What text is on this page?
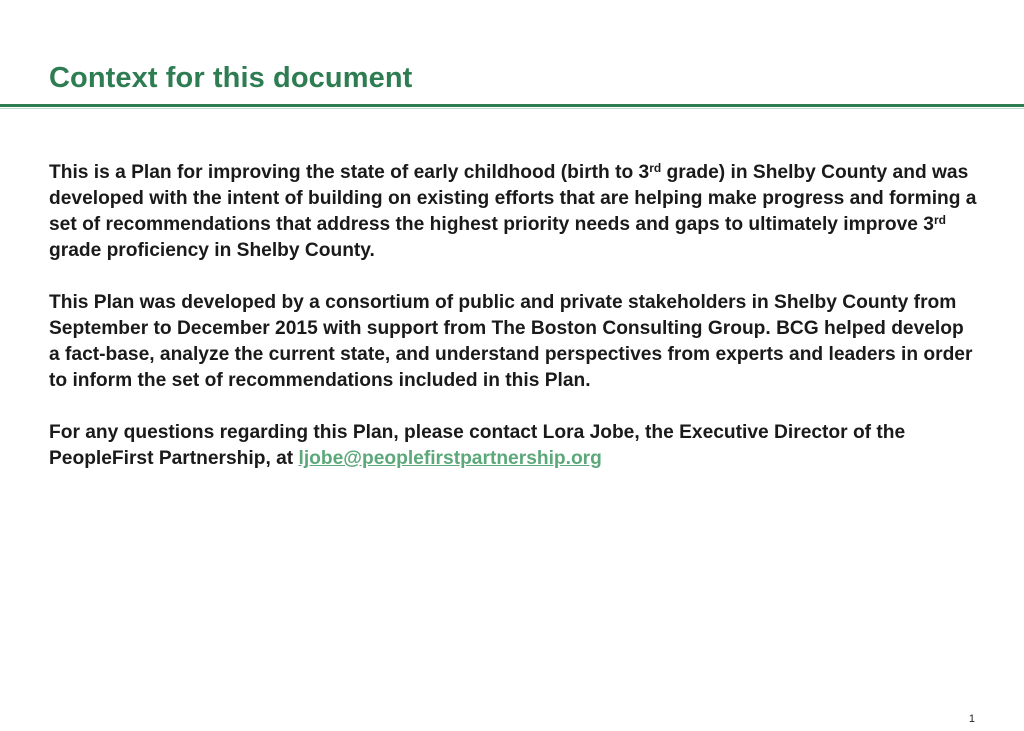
Context for this document

This is a Plan for improving the state of early childhood (birth to 3rd grade) in Shelby County and was developed with the intent of building on existing efforts that are helping make progress and forming a set of recommendations that address the highest priority needs and gaps to ultimately improve 3rd grade proficiency in Shelby County.

This Plan was developed by a consortium of public and private stakeholders in Shelby County from September to December 2015 with support from The Boston Consulting Group. BCG helped develop a fact-base, analyze the current state, and understand perspectives from experts and leaders in order to inform the set of recommendations included in this Plan.

For any questions regarding this Plan, please contact Lora Jobe, the Executive Director of the PeopleFirst Partnership, at ljobe@peoplefirstpartnership.org

1
